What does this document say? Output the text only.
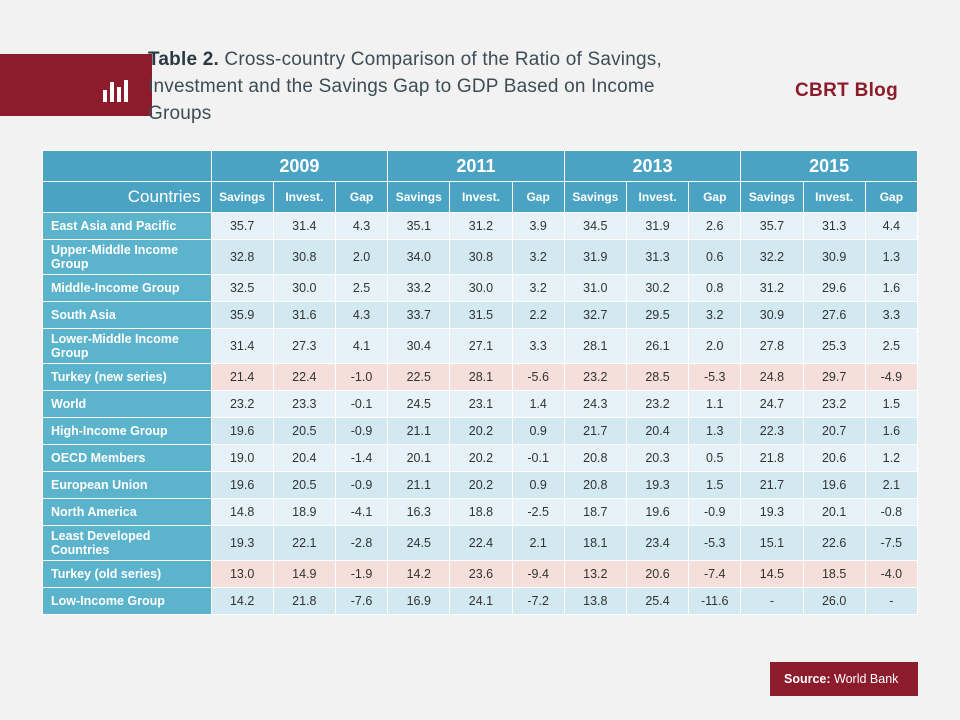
Table 2. Cross-country Comparison of the Ratio of Savings, Investment and the Savings Gap to GDP Based on Income Groups
CBRT Blog
	2009			2011			2013			2015		
Countries	Savings	Invest.	Gap	Savings	Invest.	Gap	Savings	Invest.	Gap	Savings	Invest.	Gap
East Asia and Pacific	35.7	31.4	4.3	35.1	31.2	3.9	34.5	31.9	2.6	35.7	31.3	4.4
Upper-Middle Income Group	32.8	30.8	2.0	34.0	30.8	3.2	31.9	31.3	0.6	32.2	30.9	1.3
Middle-Income Group	32.5	30.0	2.5	33.2	30.0	3.2	31.0	30.2	0.8	31.2	29.6	1.6
South Asia	35.9	31.6	4.3	33.7	31.5	2.2	32.7	29.5	3.2	30.9	27.6	3.3
Lower-Middle Income Group	31.4	27.3	4.1	30.4	27.1	3.3	28.1	26.1	2.0	27.8	25.3	2.5
Turkey (new series)	21.4	22.4	-1.0	22.5	28.1	-5.6	23.2	28.5	-5.3	24.8	29.7	-4.9
World	23.2	23.3	-0.1	24.5	23.1	1.4	24.3	23.2	1.1	24.7	23.2	1.5
High-Income Group	19.6	20.5	-0.9	21.1	20.2	0.9	21.7	20.4	1.3	22.3	20.7	1.6
OECD Members	19.0	20.4	-1.4	20.1	20.2	-0.1	20.8	20.3	0.5	21.8	20.6	1.2
European Union	19.6	20.5	-0.9	21.1	20.2	0.9	20.8	19.3	1.5	21.7	19.6	2.1
North America	14.8	18.9	-4.1	16.3	18.8	-2.5	18.7	19.6	-0.9	19.3	20.1	-0.8
Least Developed Countries	19.3	22.1	-2.8	24.5	22.4	2.1	18.1	23.4	-5.3	15.1	22.6	-7.5
Turkey (old series)	13.0	14.9	-1.9	14.2	23.6	-9.4	13.2	20.6	-7.4	14.5	18.5	-4.0
Low-Income Group	14.2	21.8	-7.6	16.9	24.1	-7.2	13.8	25.4	-11.6	-	26.0	-
Source: World Bank
